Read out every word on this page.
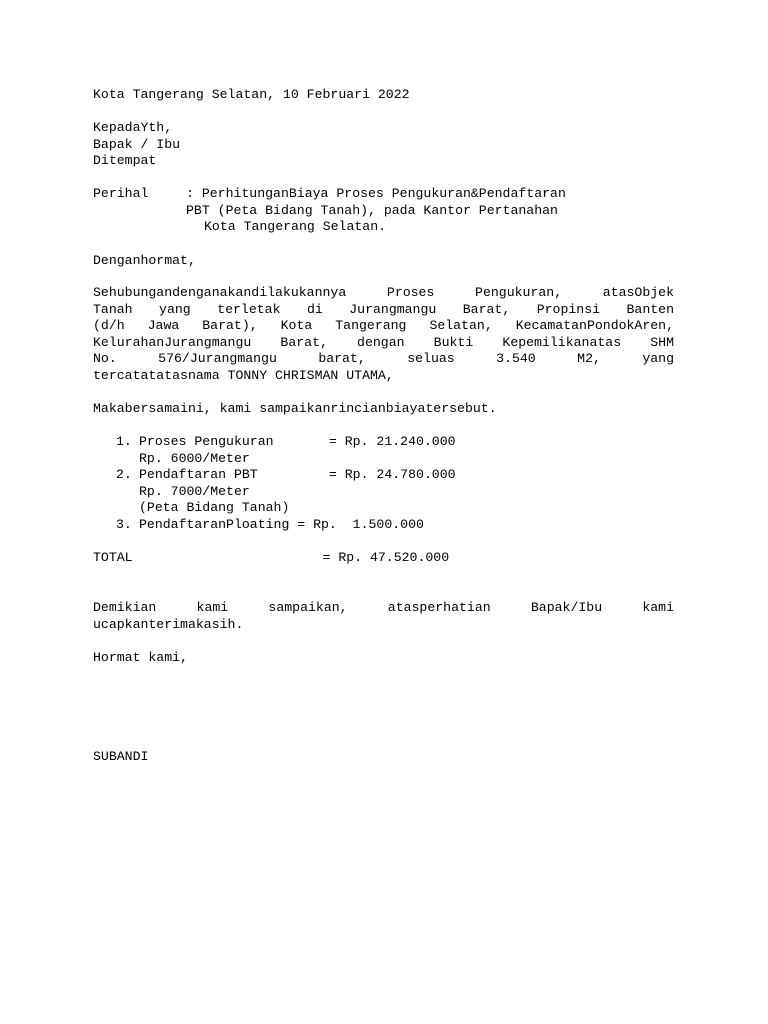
Kota Tangerang Selatan, 10 Februari 2022
KepadaYth,
Bapak / Ibu
Ditempat
Perihal	: PerhitunganBiaya Proses Pengukuran&Pendaftaran
PBT (Peta Bidang Tanah), pada Kantor Pertanahan
Kota Tangerang Selatan.
Denganhormat,
Sehubungandenganakandilakukannya Proses Pengukuran, atasObjek
Tanah yang terletak di Jurangmangu Barat, Propinsi Banten
(d/h Jawa Barat), Kota Tangerang Selatan, KecamatanPondokAren,
KelurahanJurangmangu Barat, dengan Bukti Kepemilikanatas SHM
No. 576/Jurangmangu barat, seluas 3.540 M2, yang
tercatatatasnama TONNY CHRISMAN UTAMA,
Makabersamaini, kami sampaikanrincianbiayatersebut.
1. Proses Pengukuran       = Rp. 21.240.000
Rp. 6000/Meter
2. Pendaftaran PBT         = Rp. 24.780.000
Rp. 7000/Meter
(Peta Bidang Tanah)
3. PendaftaranPloating = Rp.  1.500.000
TOTAL                        = Rp. 47.520.000
Demikian kami sampaikan, atasperhatian Bapak/Ibu kami
ucapkanterimakasih.
Hormat kami,
SUBANDI
